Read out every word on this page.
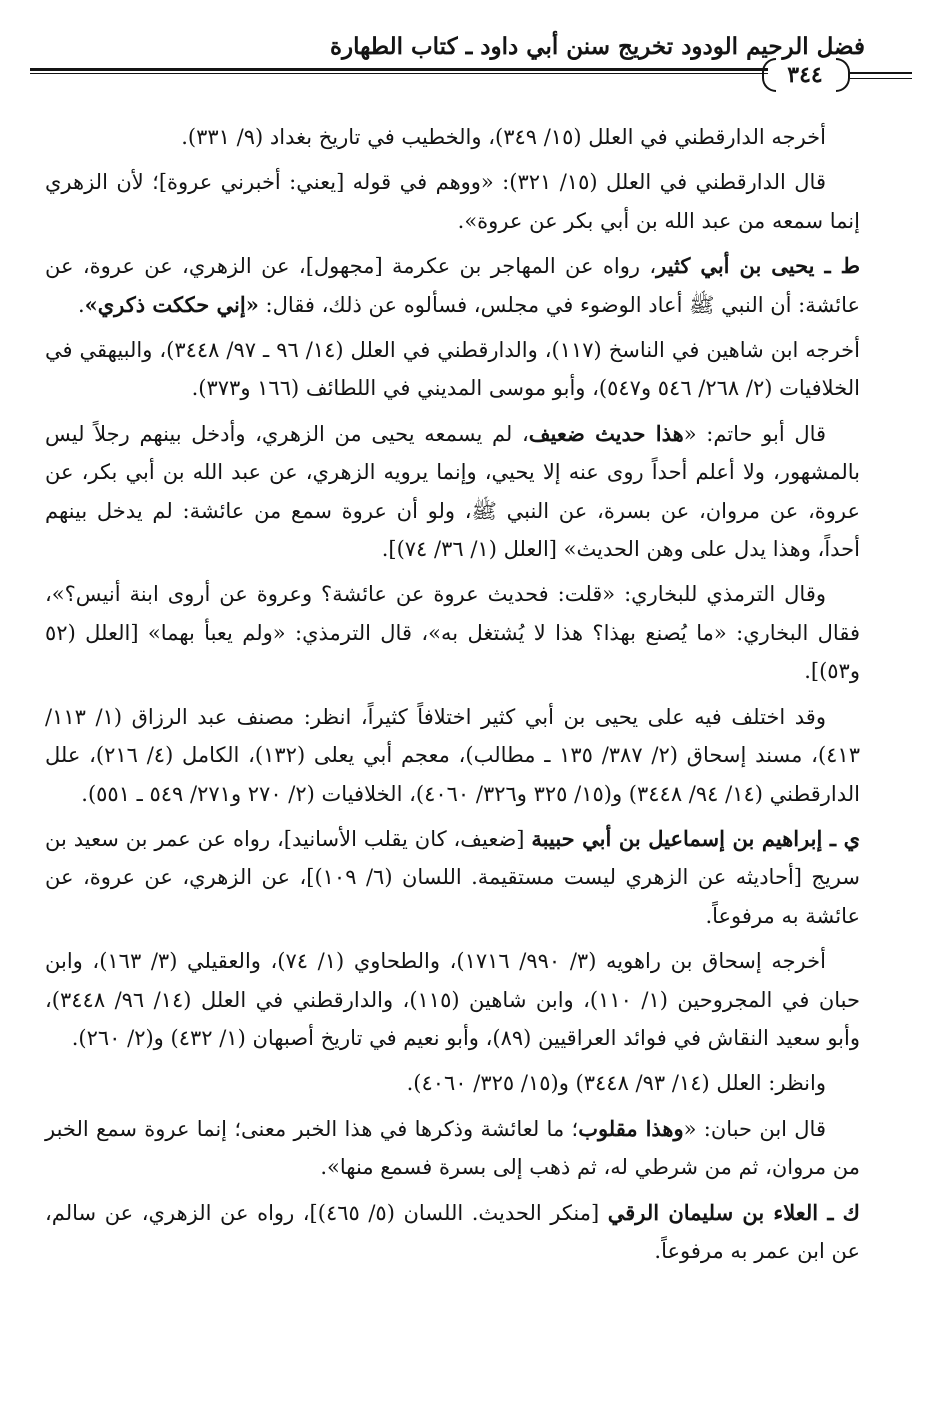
فضل الرحيم الودود تخريج سنن أبي داود ـ كتاب الطهارة
٣٤٤

أخرجه الدارقطني في العلل (١٥/ ٣٤٩)، والخطيب في تاريخ بغداد (٩/ ٣٣١).

قال الدارقطني في العلل (١٥/ ٣٢١): «ووهم في قوله [يعني: أخبرني عروة]؛ لأن الزهري إنما سمعه من عبد الله بن أبي بكر عن عروة».

ط ـ يحيى بن أبي كثير، رواه عن المهاجر بن عكرمة [مجهول]، عن الزهري، عن عروة، عن عائشة: أن النبي ﷺ أعاد الوضوء في مجلس، فسألوه عن ذلك، فقال: «إني حككت ذكري».

أخرجه ابن شاهين في الناسخ (١١٧)، والدارقطني في العلل (١٤/ ٩٦ ـ ٩٧/ ٣٤٤٨)، والبيهقي في الخلافيات (٢/ ٢٦٨/ ٥٤٦ و٥٤٧)، وأبو موسى المديني في اللطائف (١٦٦ و٣٧٣).

قال أبو حاتم: «هذا حديث ضعيف، لم يسمعه يحيى من الزهري، وأدخل بينهم رجلاً ليس بالمشهور، ولا أعلم أحداً روى عنه إلا يحيي، وإنما يرويه الزهري، عن عبد الله بن أبي بكر، عن عروة، عن مروان، عن بسرة، عن النبي ﷺ، ولو أن عروة سمع من عائشة: لم يدخل بينهم أحداً، وهذا يدل على وهن الحديث» [العلل (١/ ٣٦/ ٧٤)].

وقال الترمذي للبخاري: «قلت: فحديث عروة عن عائشة؟ وعروة عن أروى ابنة أنيس؟»، فقال البخاري: «ما يُصنع بهذا؟ هذا لا يُشتغل به»، قال الترمذي: «ولم يعبأ بهما» [العلل (٥٢ و٥٣)].

وقد اختلف فيه على يحيى بن أبي كثير اختلافاً كثيراً، انظر: مصنف عبد الرزاق (١/ ١١٣/ ٤١٣)، مسند إسحاق (٢/ ٣٨٧/ ١٣٥ ـ مطالب)، معجم أبي يعلى (١٣٢)، الكامل (٤/ ٢١٦)، علل الدارقطني (١٤/ ٩٤/ ٣٤٤٨) و(١٥/ ٣٢٥ و٣٢٦/ ٤٠٦٠)، الخلافيات (٢/ ٢٧٠ و٢٧١/ ٥٤٩ ـ ٥٥١).

ي ـ إبراهيم بن إسماعيل بن أبي حبيبة [ضعيف، كان يقلب الأسانيد]، رواه عن عمر بن سعيد بن سريج [أحاديثه عن الزهري ليست مستقيمة. اللسان (٦/ ١٠٩)]، عن الزهري، عن عروة، عن عائشة به مرفوعاً.

أخرجه إسحاق بن راهويه (٣/ ٩٩٠/ ١٧١٦)، والطحاوي (١/ ٧٤)، والعقيلي (٣/ ١٦٣)، وابن حبان في المجروحين (١/ ١١٠)، وابن شاهين (١١٥)، والدارقطني في العلل (١٤/ ٩٦/ ٣٤٤٨)، وأبو سعيد النقاش في فوائد العراقيين (٨٩)، وأبو نعيم في تاريخ أصبهان (١/ ٤٣٢) و(٢/ ٢٦٠).

وانظر: العلل (١٤/ ٩٣/ ٣٤٤٨) و(١٥/ ٣٢٥/ ٤٠٦٠).

قال ابن حبان: «وهذا مقلوب؛ ما لعائشة وذكرها في هذا الخبر معنى؛ إنما عروة سمع الخبر من مروان، ثم من شرطي له، ثم ذهب إلى بسرة فسمع منها».

ك ـ العلاء بن سليمان الرقي [منكر الحديث. اللسان (٥/ ٤٦٥)]، رواه عن الزهري، عن سالم، عن ابن عمر به مرفوعاً.
